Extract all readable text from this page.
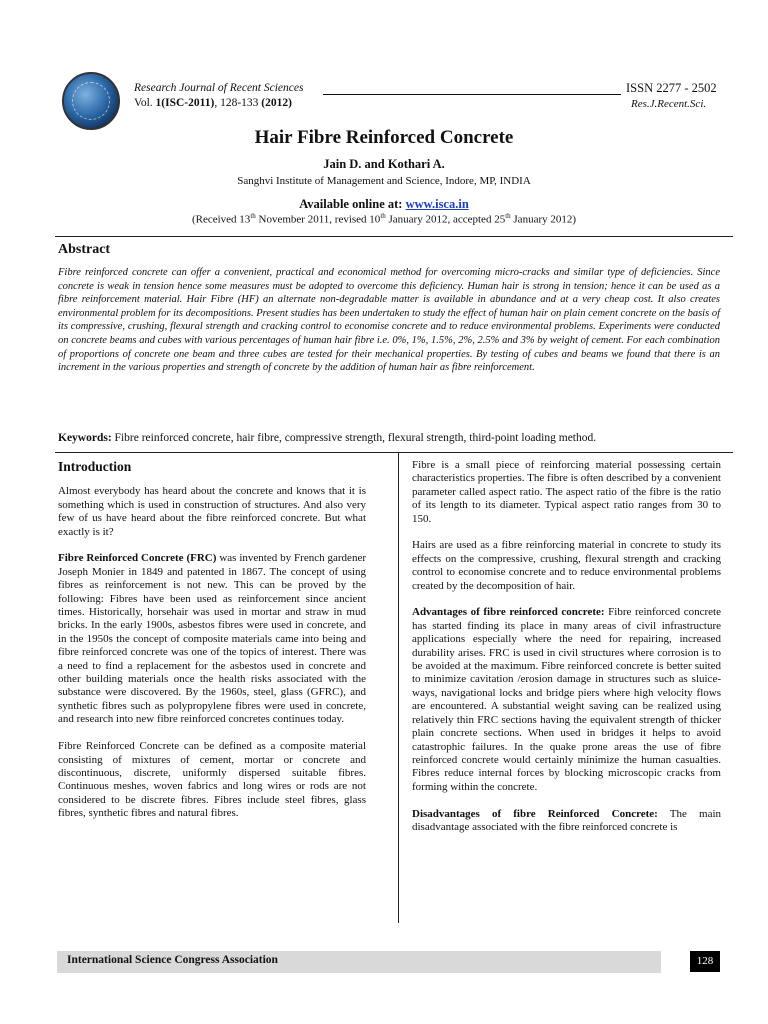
Research Journal of Recent Sciences	ISSN 2277 - 2502
Vol. 1(ISC-2011), 128-133 (2012)	Res.J.Recent.Sci.
Hair Fibre Reinforced Concrete
Jain D. and Kothari A.
Sanghvi Institute of Management and Science, Indore, MP, INDIA
Available online at: www.isca.in
(Received 13th November 2011, revised 10th January 2012, accepted 25th January 2012)
Abstract
Fibre reinforced concrete can offer a convenient, practical and economical method for overcoming micro-cracks and similar type of deficiencies. Since concrete is weak in tension hence some measures must be adopted to overcome this deficiency. Human hair is strong in tension; hence it can be used as a fibre reinforcement material. Hair Fibre (HF) an alternate non-degradable matter is available in abundance and at a very cheap cost. It also creates environmental problem for its decompositions. Present studies has been undertaken to study the effect of human hair on plain cement concrete on the basis of its compressive, crushing, flexural strength and cracking control to economise concrete and to reduce environmental problems. Experiments were conducted on concrete beams and cubes with various percentages of human hair fibre i.e. 0%, 1%, 1.5%, 2%, 2.5% and 3% by weight of cement. For each combination of proportions of concrete one beam and three cubes are tested for their mechanical properties. By testing of cubes and beams we found that there is an increment in the various properties and strength of concrete by the addition of human hair as fibre reinforcement.
Keywords: Fibre reinforced concrete, hair fibre, compressive strength, flexural strength, third-point loading method.
Introduction

Almost everybody has heard about the concrete and knows that it is something which is used in construction of structures. And also very few of us have heard about the fibre reinforced concrete. But what exactly is it?

Fibre Reinforced Concrete (FRC) was invented by French gardener Joseph Monier in 1849 and patented in 1867. The concept of using fibres as reinforcement is not new. This can be proved by the following: Fibres have been used as reinforcement since ancient times. Historically, horsehair was used in mortar and straw in mud bricks. In the early 1900s, asbestos fibres were used in concrete, and in the 1950s the concept of composite materials came into being and fibre reinforced concrete was one of the topics of interest. There was a need to find a replacement for the asbestos used in concrete and other building materials once the health risks associated with the substance were discovered. By the 1960s, steel, glass (GFRC), and synthetic fibres such as polypropylene fibres were used in concrete, and research into new fibre reinforced concretes continues today.

Fibre Reinforced Concrete can be defined as a composite material consisting of mixtures of cement, mortar or concrete and discontinuous, discrete, uniformly dispersed suitable fibres. Continuous meshes, woven fabrics and long wires or rods are not considered to be discrete fibres. Fibres include steel fibres, glass fibres, synthetic fibres and natural fibres.

Fibre is a small piece of reinforcing material possessing certain characteristics properties. The fibre is often described by a convenient parameter called aspect ratio. The aspect ratio of the fibre is the ratio of its length to its diameter. Typical aspect ratio ranges from 30 to 150.

Hairs are used as a fibre reinforcing material in concrete to study its effects on the compressive, crushing, flexural strength and cracking control to economise concrete and to reduce environmental problems created by the decomposition of hair.

Advantages of fibre reinforced concrete: Fibre reinforced concrete has started finding its place in many areas of civil infrastructure applications especially where the need for repairing, increased durability arises. FRC is used in civil structures where corrosion is to be avoided at the maximum. Fibre reinforced concrete is better suited to minimize cavitation /erosion damage in structures such as sluice-ways, navigational locks and bridge piers where high velocity flows are encountered. A substantial weight saving can be realized using relatively thin FRC sections having the equivalent strength of thicker plain concrete sections. When used in bridges it helps to avoid catastrophic failures. In the quake prone areas the use of fibre reinforced concrete would certainly minimize the human casualties. Fibres reduce internal forces by blocking microscopic cracks from forming within the concrete.

Disadvantages of fibre Reinforced Concrete: The main disadvantage associated with the fibre reinforced concrete is

International Science Congress Association	128
